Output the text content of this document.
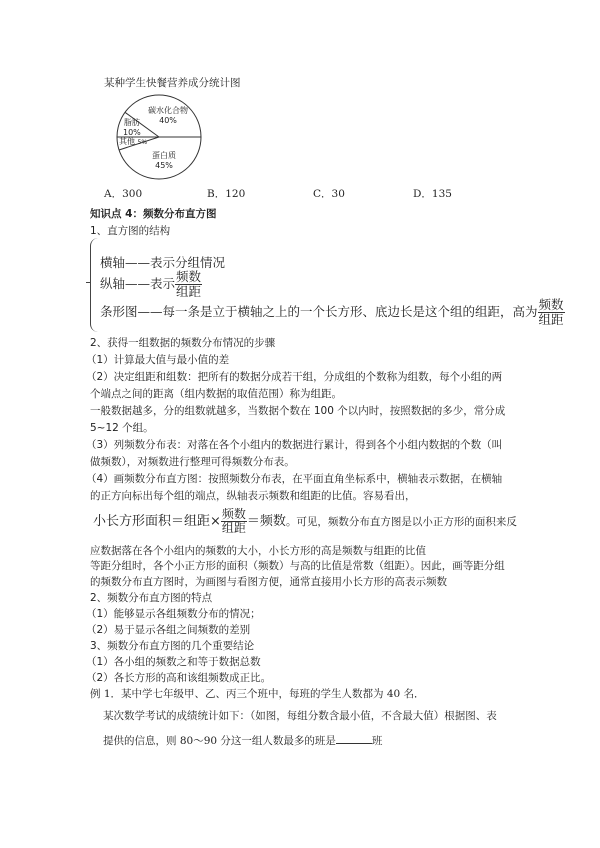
某种学生快餐营养成分统计图
碳水化合物
40%
脂肪
10%
其他 5%
蛋白质
45%
A．300	B．120	C．30	D．135
知识点 4：频数分布直方图
1、直方图的结构
横轴——表示分组情况
纵轴——表示 $\frac{\text{频数}}{\text{组距}}$
条形图——每一条是立于横轴之上的一个长方形、底边长是这个组的组距，高为 $\frac{\text{频数}}{\text{组距}}$
2、获得一组数据的频数分布情况的步骤
（1）计算最大值与最小值的差
（2）决定组距和组数：把所有的数据分成若干组，分成组的个数称为组数，每个小组的两
个端点之间的距离（组内数据的取值范围）称为组距。
一般数据越多，分的组数就越多，当数据个数在 100 个以内时，按照数据的多少，常分成
5~12 个组。
（3）列频数分布表：对落在各个小组内的数据进行累计，得到各个小组内数据的个数（叫
做频数），对频数进行整理可得频数分布表。
（4）画频数分布直方图：按照频数分布表，在平面直角坐标系中，横轴表示数据，在横轴
的正方向标出每个组的端点，纵轴表示频数和组距的比值。容易看出，
小长方形面积＝组距× $\frac{\text{频数}}{\text{组距}}$ ＝频数。可见，频数分布直方图是以小正方形的面积来反
应数据落在各个小组内的频数的大小，小长方形的高是频数与组距的比值
等距分组时，各个小正方形的面积（频数）与高的比值是常数（组距）。因此，画等距分组
的频数分布直方图时，为画图与看图方便，通常直接用小长方形的高表示频数
2、频数分布直方图的特点
（1）能够显示各组频数分布的情况；
（2）易于显示各组之间频数的差别
3、频数分布直方图的几个重要结论
（1）各小组的频数之和等于数据总数
（2）各长方形的高和该组频数成正比。
例 1．某中学七年级甲、乙、丙三个班中，每班的学生人数都为 40 名．
某次数学考试的成绩统计如下：（如图，每组分数含最小值，不含最大值）根据图、表
提供的信息，则 80～90 分这一组人数最多的班是	班
